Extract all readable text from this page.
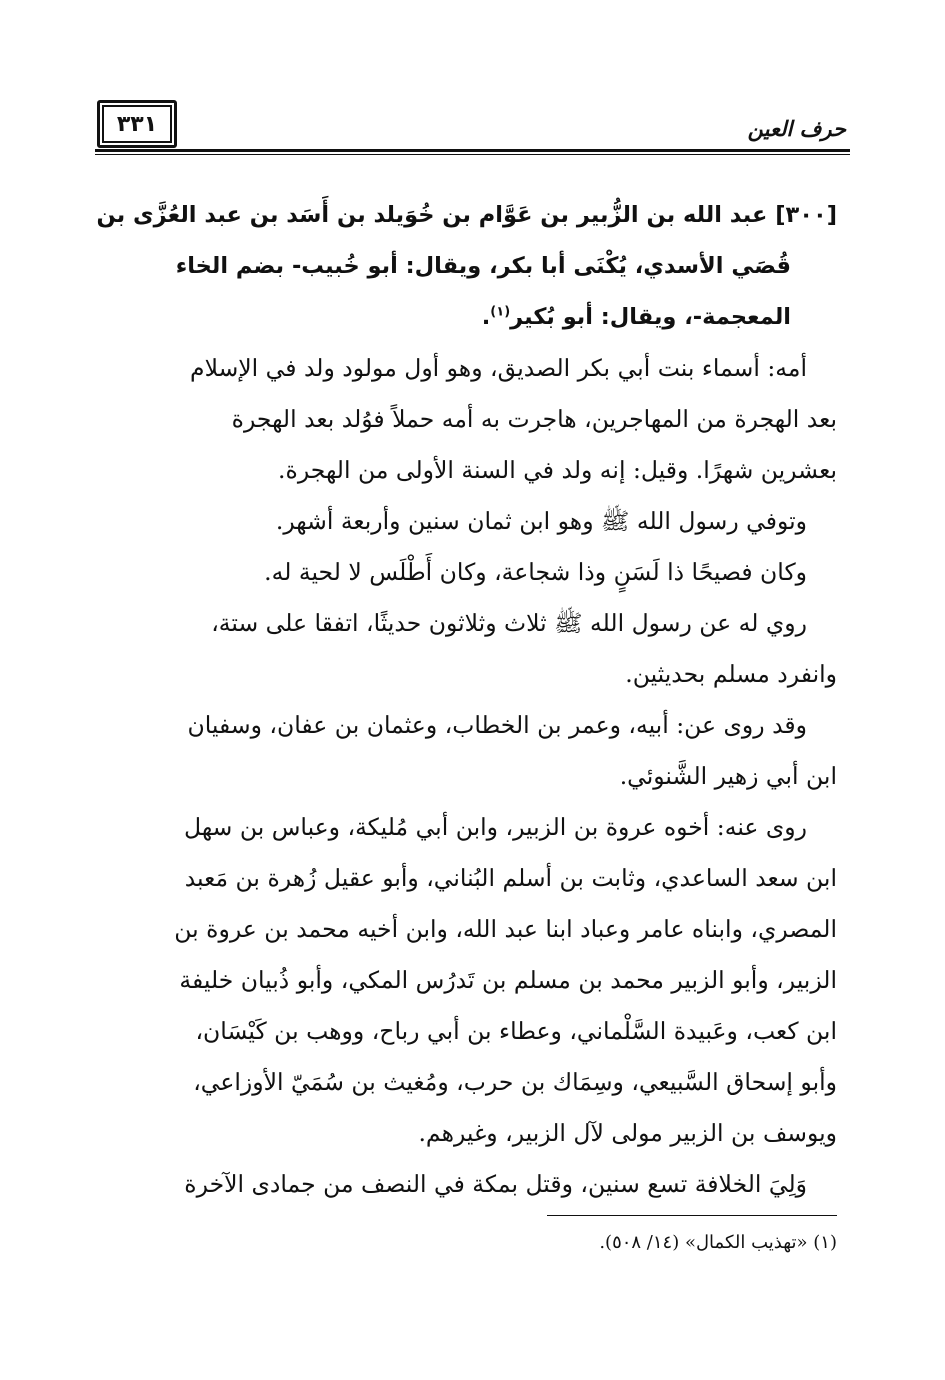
٣٣١	حرف العين
[٣٠٠] عبد الله بن الزُّبير بن عَوَّام بن خُوَيلد بن أَسَد بن عبد العُزَّى بن
قُصَي الأسدي، يُكْنَى أبا بكر، ويقال: أبو خُبيب- بضم الخاء
المعجمة-، ويقال: أبو بُكير$^{(١)}$.

أمه: أسماء بنت أبي بكر الصديق، وهو أول مولود ولد في الإسلام
بعد الهجرة من المهاجرين، هاجرت به أمه حملاً فوُلد بعد الهجرة
بعشرين شهرًا. وقيل: إنه ولد في السنة الأولى من الهجرة.

وتوفي رسول الله ﷺ وهو ابن ثمان سنين وأربعة أشهر.

وكان فصيحًا ذا لَسَنٍ وذا شجاعة، وكان أَطْلَس لا لحية له.

روي له عن رسول الله ﷺ ثلاث وثلاثون حديثًا، اتفقا على ستة،
وانفرد مسلم بحديثين.

وقد روى عن: أبيه، وعمر بن الخطاب، وعثمان بن عفان، وسفيان
ابن أبي زهير الشَّنوئي.

روى عنه: أخوه عروة بن الزبير، وابن أبي مُليكة، وعباس بن سهل
ابن سعد الساعدي، وثابت بن أسلم البُناني، وأبو عقيل زُهرة بن مَعبد
المصري، وابناه عامر وعباد ابنا عبد الله، وابن أخيه محمد بن عروة بن
الزبير، وأبو الزبير محمد بن مسلم بن تَدرُس المكي، وأبو ذُبيان خليفة
ابن كعب، وعَبيدة السَّلْماني، وعطاء بن أبي رباح، ووهب بن كَيْسَان،
وأبو إسحاق السَّبيعي، وسِمَاك بن حرب، ومُغيث بن سُمَيّ الأوزاعي،
ويوسف بن الزبير مولى لآل الزبير، وغيرهم.

وَلِيَ الخلافة تسع سنين، وقتل بمكة في النصف من جمادى الآخرة

(١) «تهذيب الكمال» (١٤/ ٥٠٨).
